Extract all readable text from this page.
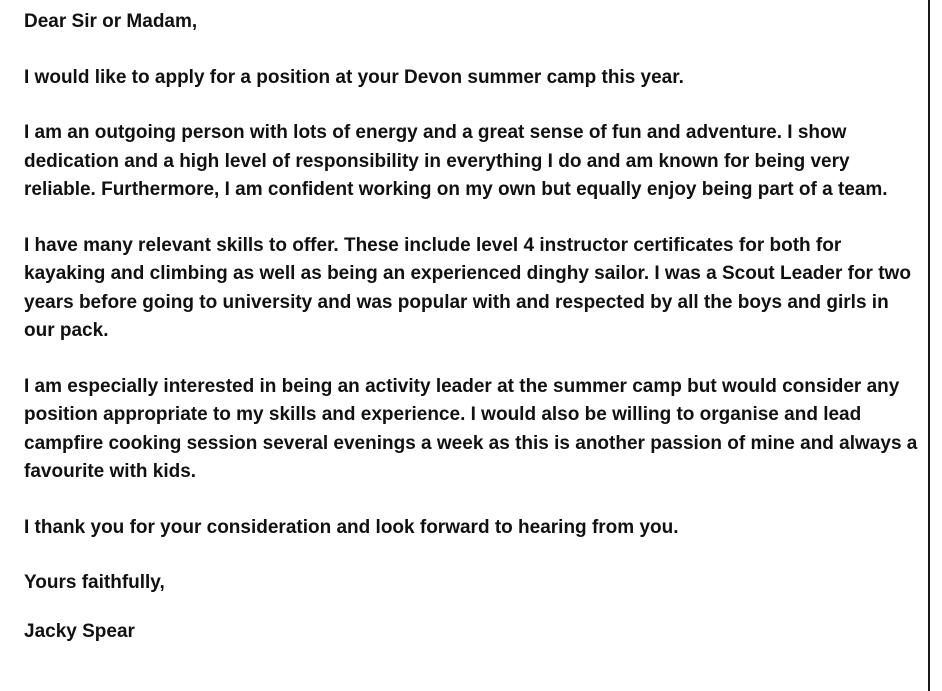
Dear Sir or Madam,

I would like to apply for a position at your Devon summer camp this year.

I am an outgoing person with lots of energy and a great sense of fun and adventure. I show dedication and a high level of responsibility in everything I do and am known for being very reliable. Furthermore, I am confident working on my own but equally enjoy being part of a team.

I have many relevant skills to offer. These include level 4 instructor certificates for both for kayaking and climbing as well as being an experienced dinghy sailor. I was a Scout Leader for two years before going to university and was popular with and respected by all the boys and girls in our pack.

I am especially interested in being an activity leader at the summer camp but would consider any position appropriate to my skills and experience. I would also be willing to organise and lead campfire cooking session several evenings a week as this is another passion of mine and always a favourite with kids.

I thank you for your consideration and look forward to hearing from you.

Yours faithfully,

Jacky Spear
